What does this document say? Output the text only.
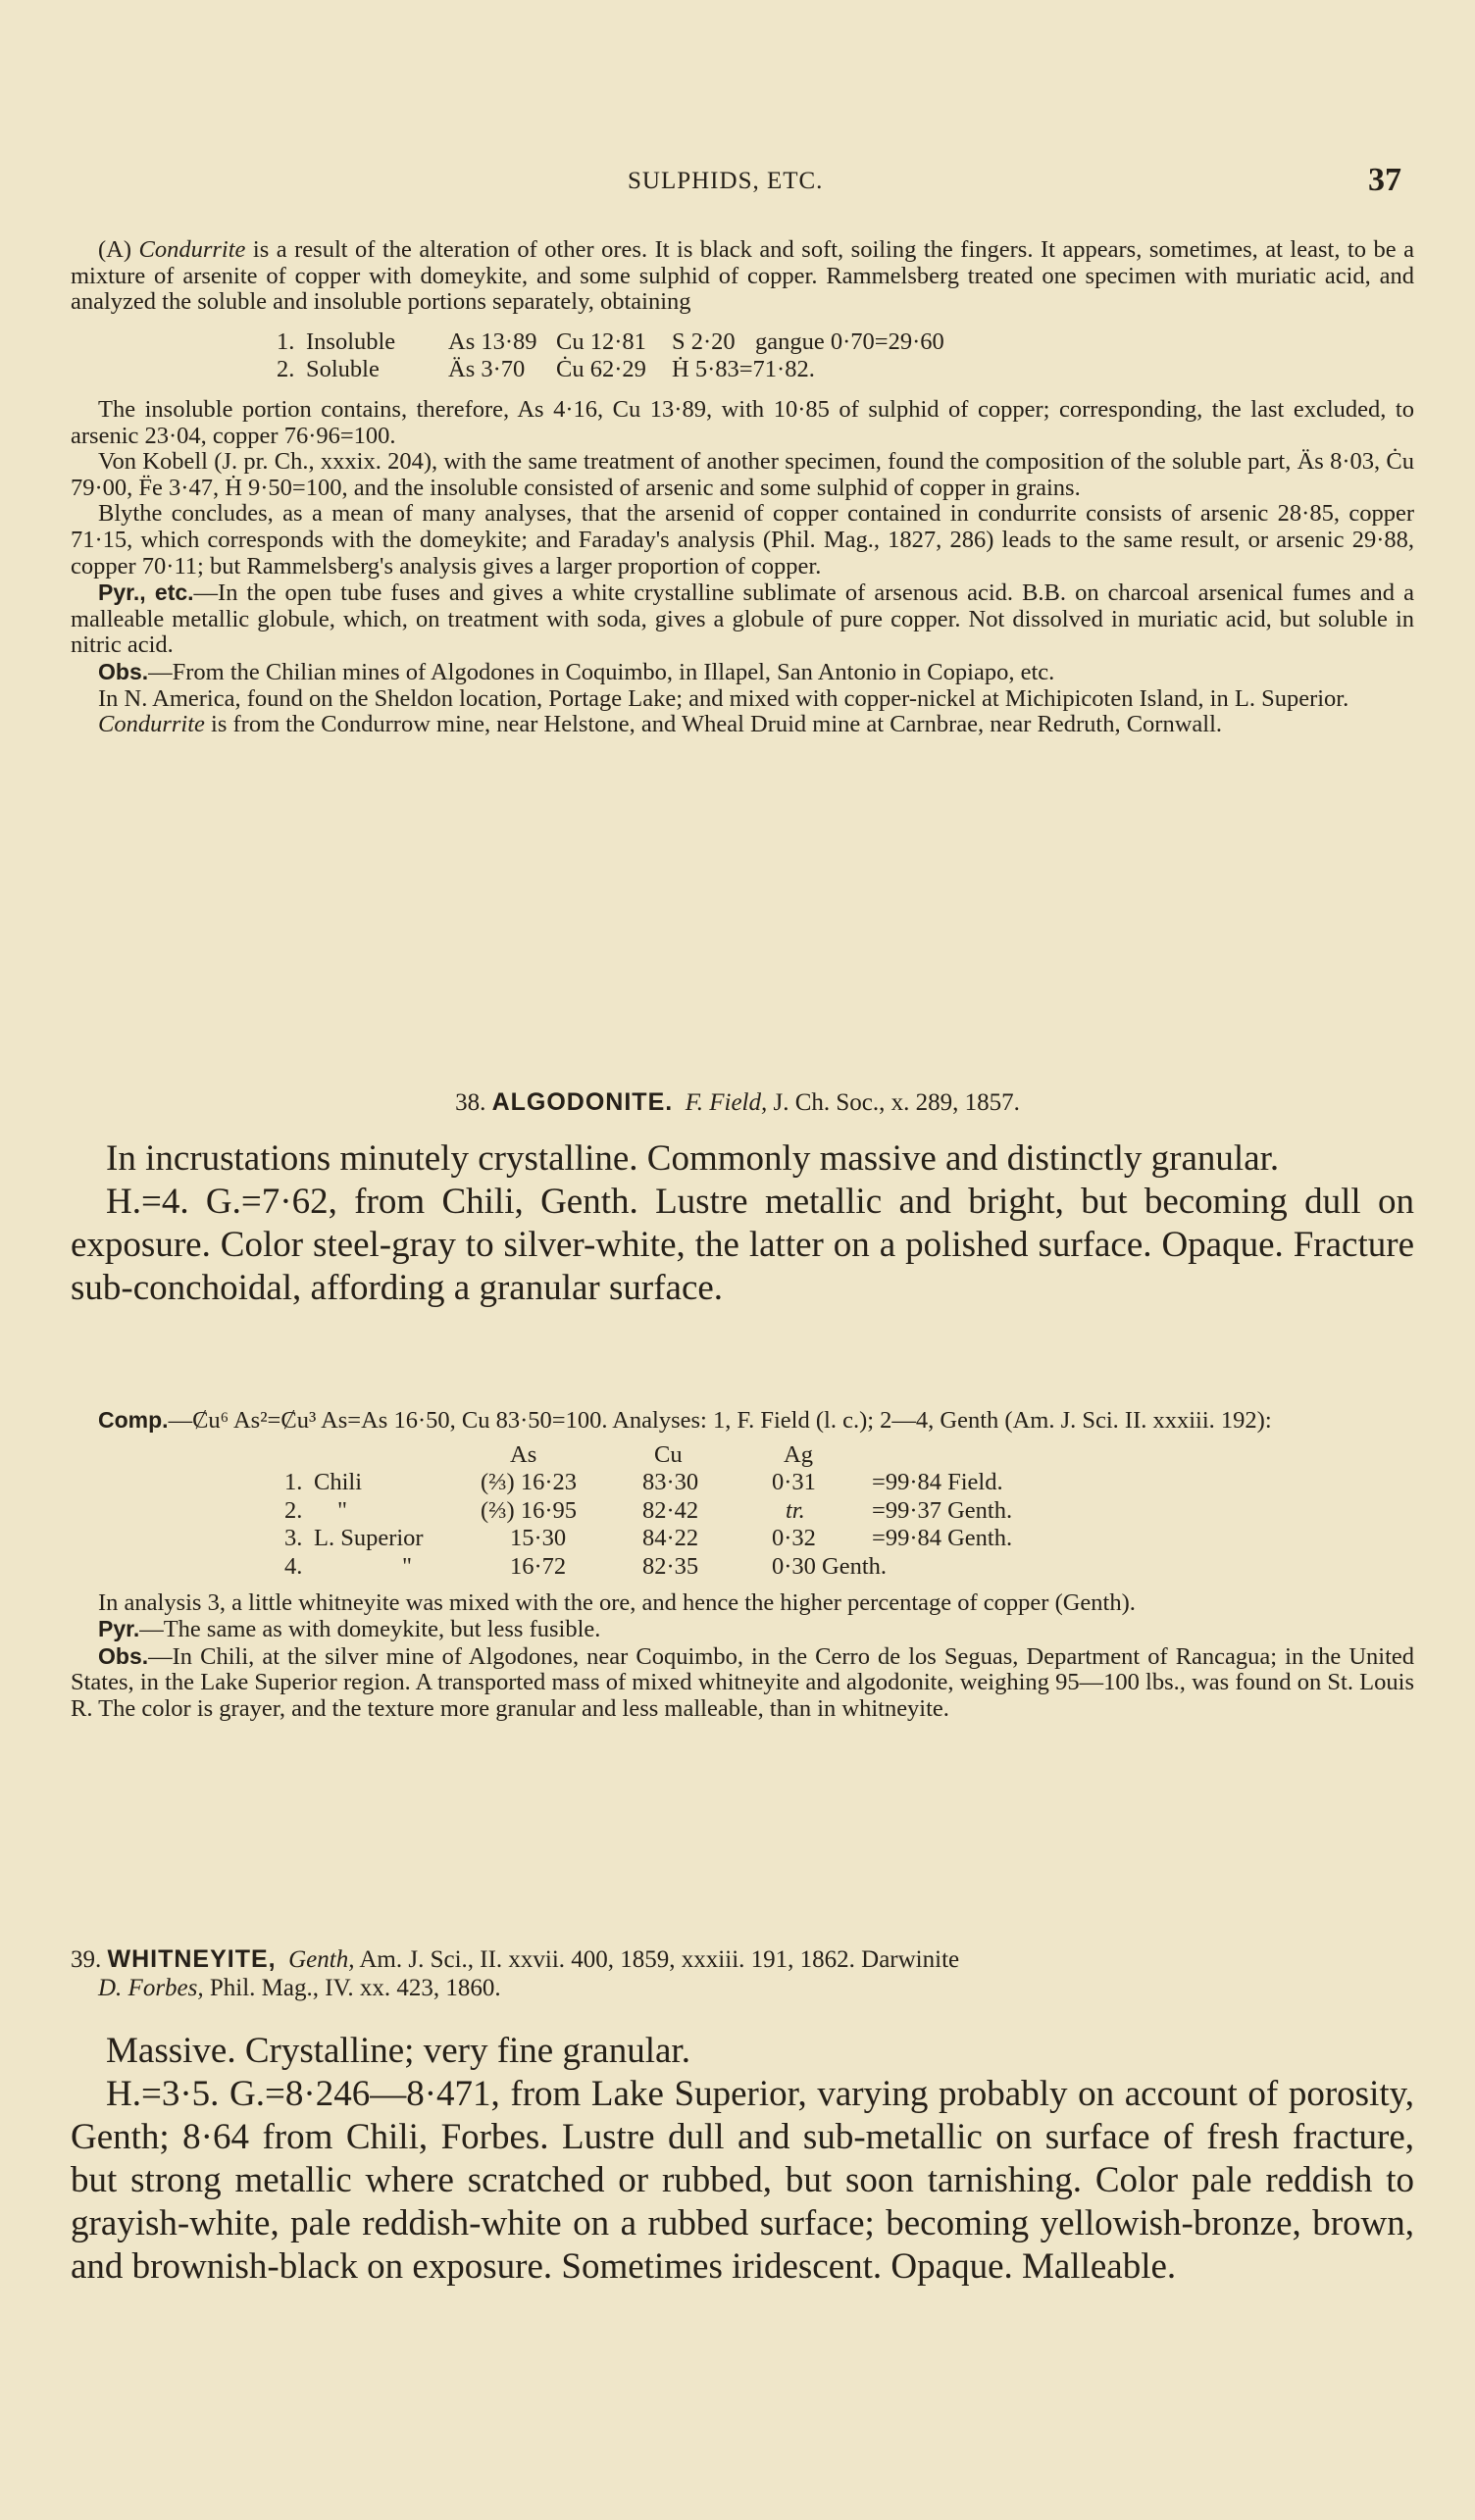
SULPHIDS, ETC.	37

(A) Condurrite is a result of the alteration of other ores. It is black and soft, soiling the fingers. It appears, sometimes, at least, to be a mixture of arsenite of copper with domeykite, and some sulphid of copper. Rammelsberg treated one specimen with muriatic acid, and analyzed the soluble and insoluble portions separately, obtaining

1.	Insoluble	As 13·89	Cu 12·81	S 2·20	gangue 0·70=29·60
2.	Soluble	Äs 3·70	Ċu 62·29	Ḣ 5·83=71·82.	

The insoluble portion contains, therefore, As 4·16, Cu 13·89, with 10·85 of sulphid of copper; corresponding, the last excluded, to arsenic 23·04, copper 76·96=100.

Von Kobell (J. pr. Ch., xxxix. 204), with the same treatment of another specimen, found the composition of the soluble part, Äs 8·03, Ċu 79·00, F̈e 3·47, Ḣ 9·50=100, and the insoluble consisted of arsenic and some sulphid of copper in grains.

Blythe concludes, as a mean of many analyses, that the arsenid of copper contained in condurrite consists of arsenic 28·85, copper 71·15, which corresponds with the domeykite; and Faraday's analysis (Phil. Mag., 1827, 286) leads to the same result, or arsenic 29·88, copper 70·11; but Rammelsberg's analysis gives a larger proportion of copper.

Pyr., etc.—In the open tube fuses and gives a white crystalline sublimate of arsenous acid. B.B. on charcoal arsenical fumes and a malleable metallic globule, which, on treatment with soda, gives a globule of pure copper. Not dissolved in muriatic acid, but soluble in nitric acid.

Obs.—From the Chilian mines of Algodones in Coquimbo, in Illapel, San Antonio in Copiapo, etc.

In N. America, found on the Sheldon location, Portage Lake; and mixed with copper-nickel at Michipicoten Island, in L. Superior.

Condurrite is from the Condurrow mine, near Helstone, and Wheal Druid mine at Carnbrae, near Redruth, Cornwall.

38. ALGODONITE. F. Field, J. Ch. Soc., x. 289, 1857.

In incrustations minutely crystalline. Commonly massive and distinctly granular.

H.=4. G.=7·62, from Chili, Genth. Lustre metallic and bright, but becoming dull on exposure. Color steel-gray to silver-white, the latter on a polished surface. Opaque. Fracture sub-conchoidal, affording a granular surface.

Comp.—Ȼu⁶ As²=Ȼu³ As=As 16·50, Cu 83·50=100. Analyses: 1, F. Field (l. c.); 2—4, Genth (Am. J. Sci. II. xxxiii. 192):

		As	Cu	Ag	
1.	Chili	(⅔) 16·23	83·30	0·31	=99·84 Field.
2.	"	(⅔) 16·95	82·42	tr.	=99·37 Genth.
3.	L. Superior	15·30	84·22	0·32	=99·84 Genth.
4.	"	16·72	82·35	0·30 Genth.	

In analysis 3, a little whitneyite was mixed with the ore, and hence the higher percentage of copper (Genth).

Pyr.—The same as with domeykite, but less fusible.

Obs.—In Chili, at the silver mine of Algodones, near Coquimbo, in the Cerro de los Seguas, Department of Rancagua; in the United States, in the Lake Superior region. A transported mass of mixed whitneyite and algodonite, weighing 95—100 lbs., was found on St. Louis R. The color is grayer, and the texture more granular and less malleable, than in whitneyite.

39. WHITNEYITE, Genth, Am. J. Sci., II. xxvii. 400, 1859, xxxiii. 191, 1862. Darwinite
D. Forbes, Phil. Mag., IV. xx. 423, 1860.

Massive. Crystalline; very fine granular.

H.=3·5. G.=8·246—8·471, from Lake Superior, varying probably on account of porosity, Genth; 8·64 from Chili, Forbes. Lustre dull and sub-metallic on surface of fresh fracture, but strong metallic where scratched or rubbed, but soon tarnishing. Color pale reddish to grayish-white, pale reddish-white on a rubbed surface; becoming yellowish-bronze, brown, and brownish-black on exposure. Sometimes iridescent. Opaque. Malleable.
